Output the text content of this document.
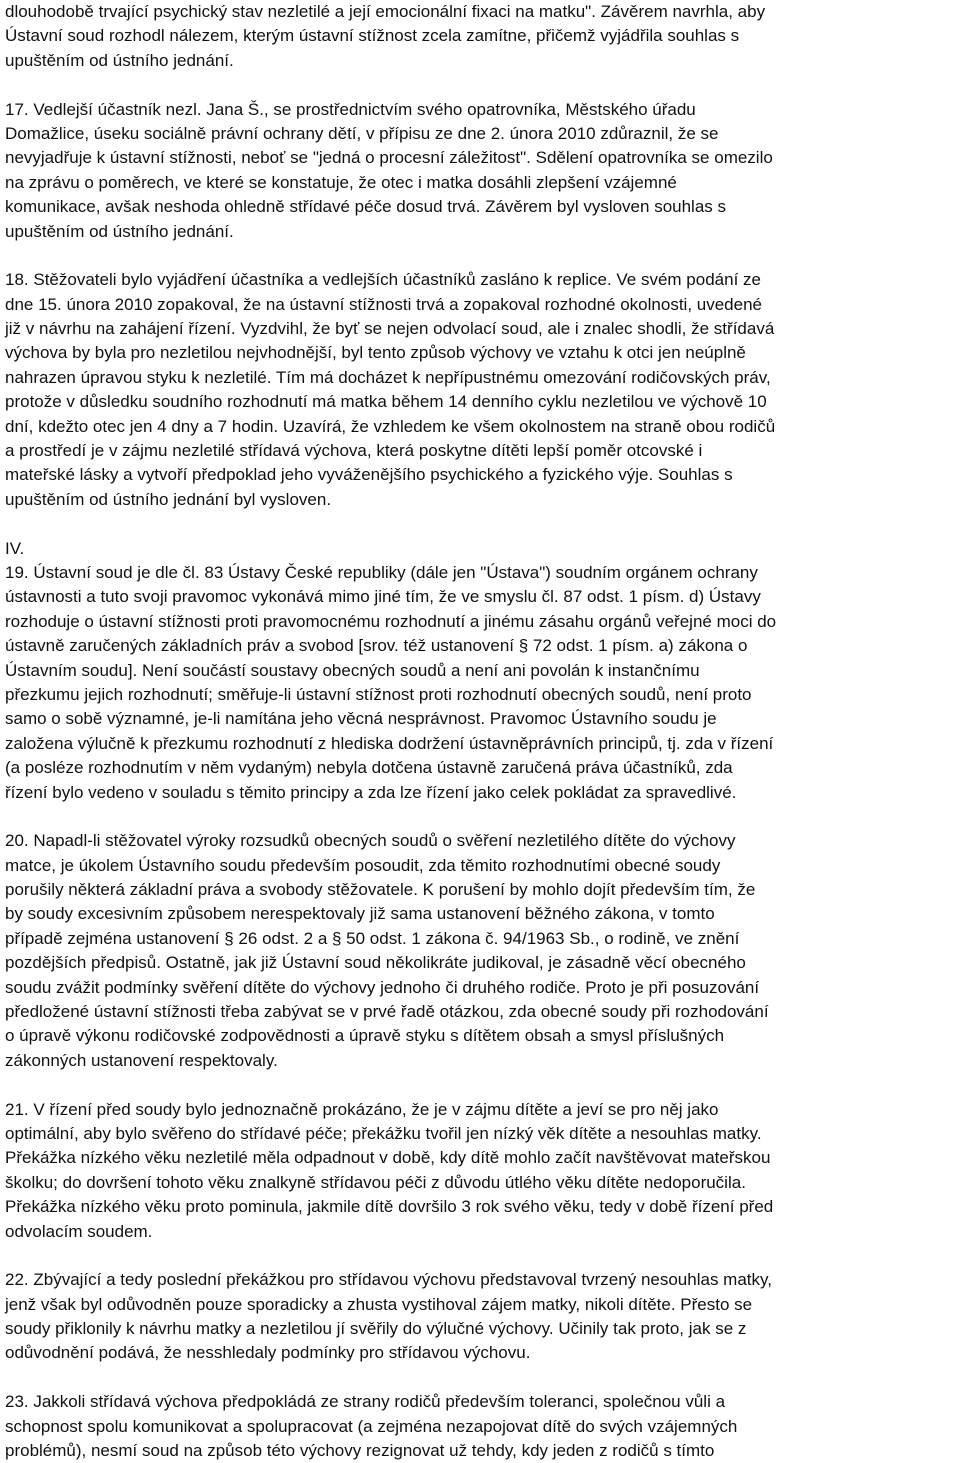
dlouhodobě trvající psychický stav nezletilé a její emocionální fixaci na matku". Závěrem navrhla, aby
Ústavní soud rozhodl nálezem, kterým ústavní stížnost zcela zamítne, přičemž vyjádřila souhlas s
upuštěním od ústního jednání.

17. Vedlejší účastník nezl. Jana Š., se prostřednictvím svého opatrovníka, Městského úřadu
Domažlice, úseku sociálně právní ochrany dětí, v přípisu ze dne 2. února 2010 zdůraznil, že se
nevyjadřuje k ústavní stížnosti, neboť se "jedná o procesní záležitost". Sdělení opatrovníka se omezilo
na zprávu o poměrech, ve které se konstatuje, že otec i matka dosáhli zlepšení vzájemné
komunikace, avšak neshoda ohledně střídavé péče dosud trvá. Závěrem byl vysloven souhlas s
upuštěním od ústního jednání.

18. Stěžovateli bylo vyjádření účastníka a vedlejších účastníků zasláno k replice. Ve svém podání ze
dne 15. února 2010 zopakoval, že na ústavní stížnosti trvá a zopakoval rozhodné okolnosti, uvedené
již v návrhu na zahájení řízení. Vyzdvihl, že byť se nejen odvolací soud, ale i znalec shodli, že střídavá
výchova by byla pro nezletilou nejvhodnější, byl tento způsob výchovy ve vztahu k otci jen neúplně
nahrazen úpravou styku k nezletilé. Tím má docházet k nepřípustnému omezování rodičovských práv,
protože v důsledku soudního rozhodnutí má matka během 14 denního cyklu nezletilou ve výchově 10
dní, kdežto otec jen 4 dny a 7 hodin. Uzavírá, že vzhledem ke všem okolnostem na straně obou rodičů
a prostředí je v zájmu nezletilé střídavá výchova, která poskytne dítěti lepší poměr otcovské i
mateřské lásky a vytvoří předpoklad jeho vyváženějšího psychického a fyzického výje. Souhlas s
upuštěním od ústního jednání byl vysloven.

IV.
19. Ústavní soud je dle čl. 83 Ústavy České republiky (dále jen "Ústava") soudním orgánem ochrany
ústavnosti a tuto svoji pravomoc vykonává mimo jiné tím, že ve smyslu čl. 87 odst. 1 písm. d) Ústavy
rozhoduje o ústavní stížnosti proti pravomocnému rozhodnutí a jinému zásahu orgánů veřejné moci do
ústavně zaručených základních práv a svobod [srov. též ustanovení § 72 odst. 1 písm. a) zákona o
Ústavním soudu]. Není součástí soustavy obecných soudů a není ani povolán k instančnímu
přezkumu jejich rozhodnutí; směřuje-li ústavní stížnost proti rozhodnutí obecných soudů, není proto
samo o sobě významné, je-li namítána jeho věcná nesprávnost. Pravomoc Ústavního soudu je
založena výlučně k přezkumu rozhodnutí z hlediska dodržení ústavněprávních principů, tj. zda v řízení
(a posléze rozhodnutím v něm vydaným) nebyla dotčena ústavně zaručená práva účastníků, zda
řízení bylo vedeno v souladu s těmito principy a zda lze řízení jako celek pokládat za spravedlivé.

20. Napadl-li stěžovatel výroky rozsudků obecných soudů o svěření nezletilého dítěte do výchovy
matce, je úkolem Ústavního soudu především posoudit, zda těmito rozhodnutími obecné soudy
porušily některá základní práva a svobody stěžovatele. K porušení by mohlo dojít především tím, že
by soudy excesivním způsobem nerespektovaly již sama ustanovení běžného zákona, v tomto
případě zejména ustanovení § 26 odst. 2 a § 50 odst. 1 zákona č. 94/1963 Sb., o rodině, ve znění
pozdějších předpisů. Ostatně, jak již Ústavní soud několikráte judikoval, je zásadně věcí obecného
soudu zvážit podmínky svěření dítěte do výchovy jednoho či druhého rodiče. Proto je při posuzování
předložené ústavní stížnosti třeba zabývat se v prvé řadě otázkou, zda obecné soudy při rozhodování
o úpravě výkonu rodičovské zodpovědnosti a úpravě styku s dítětem obsah a smysl příslušných
zákonných ustanovení respektovaly.

21. V řízení před soudy bylo jednoznačně prokázáno, že je v zájmu dítěte a jeví se pro něj jako
optimální, aby bylo svěřeno do střídavé péče; překážku tvořil jen nízký věk dítěte a nesouhlas matky.
Překážka nízkého věku nezletilé měla odpadnout v době, kdy dítě mohlo začít navštěvovat mateřskou
školku; do dovršení tohoto věku znalkyně střídavou péči z důvodu útlého věku dítěte nedoporučila.
Překážka nízkého věku proto pominula, jakmile dítě dovršilo 3 rok svého věku, tedy v době řízení před
odvolacím soudem.

22. Zbývající a tedy poslední překážkou pro střídavou výchovu představoval tvrzený nesouhlas matky,
jenž však byl odůvodněn pouze sporadicky a zhusta vystihoval zájem matky, nikoli dítěte. Přesto se
soudy přiklonily k návrhu matky a nezletilou jí svěřily do výlučné výchovy. Učinily tak proto, jak se z
odůvodnění podává, že nesshledaly podmínky pro střídavou výchovu.

23. Jakkoli střídavá výchova předpokládá ze strany rodičů především toleranci, společnou vůli a
schopnost spolu komunikovat a spolupracovat (a zejména nezapojovat dítě do svých vzájemných
problémů), nesmí soud na způsob této výchovy rezignovat už tehdy, kdy jeden z rodičů s tímto
